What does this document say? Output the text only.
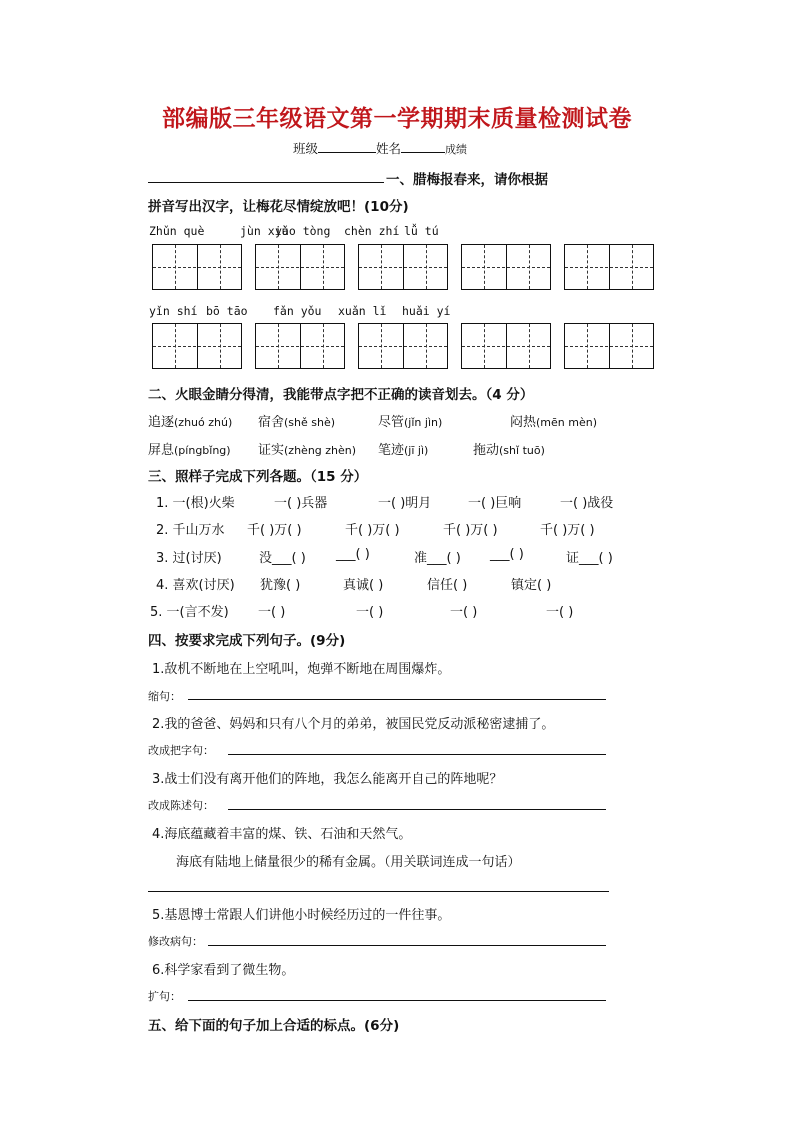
部编版三年级语文第一学期期末质量检测试卷
班级	姓名	成绩
一、腊梅报春来，请你根据
拼音写出汉字，让梅花尽情绽放吧！(10分)
Zhǔn què	jùn xiù
yǎo tòng chèn zhí lǚ tú
yǐn shí bō tāo fǎn yǒu xuǎn lǐ huǎi yí
二、火眼金睛分得清，我能带点字把不正确的读音划去。（4 分）
追逐(zhuó zhú) 宿舍(shě shè)	尽管(jǐn jìn)	闷热(mēn mèn)
屏息(píngbǐng) 证实(zhèng zhèn) 笔迹(jī jì)	拖动(shǐ tuō)
三、照样子完成下列各题。（15 分）
1. 一(根)火柴	一( )兵器	一( )明月	一( )巨响	一( )战役
2. 千山万水 千( )万( )	千( )万( )	千( )万( )	千( )万( )
3. 过(讨厌)	没___( ) ___( )	准___( ) ___( )	证___( )
4. 喜欢(讨厌) 犹豫( )	真诚( )	信任( )	镇定( )
5. 一(言不发) 一( )	一( )	一( )	一( )
四、按要求完成下列句子。(9分)
1.敌机不断地在上空吼叫，炮弹不断地在周围爆炸。
缩句：
2.我的爸爸、妈妈和只有八个月的弟弟，被国民党反动派秘密逮捕了。
改成把字句：
3.战士们没有离开他们的阵地，我怎么能离开自己的阵地呢？
改成陈述句：
4.海底蕴藏着丰富的煤、铁、石油和天然气。
海底有陆地上储量很少的稀有金属。（用关联词连成一句话）
5.基恩博士常跟人们讲他小时候经历过的一件往事。
修改病句：
6.科学家看到了微生物。
扩句：
五、给下面的句子加上合适的标点。(6分)
